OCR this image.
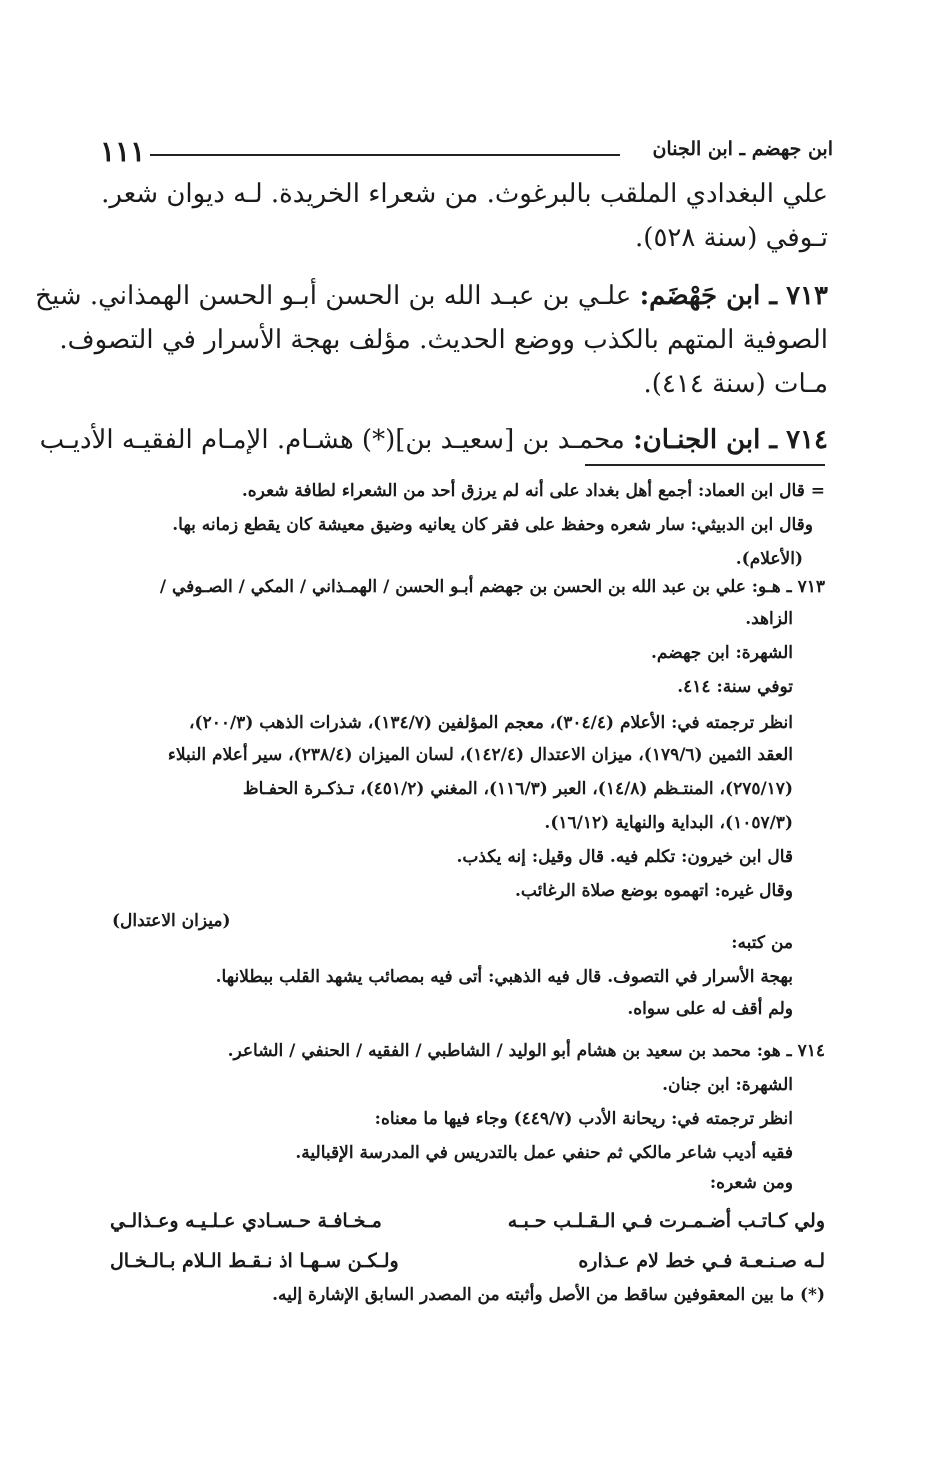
ابن جهضم ـ ابن الجنان
١١١
علي البغدادي الملقب بالبرغوث. من شعراء الخريدة. لـه ديوان شعر.
تـوفي (سنة ٥٢٨).
٧١٣ ـ ابن جَهْضَم: علـي بن عبـد الله بن الحسن أبـو الحسن الهمذاني. شيخ
الصوفية المتهم بالكذب ووضع الحديث. مؤلف بهجة الأسرار في التصوف.
مـات (سنة ٤١٤).
٧١٤ ـ ابن الجنـان: محمـد بن [سعيـد بن](*) هشـام. الإمـام الفقيـه الأديـب
= قال ابن العماد: أجمع أهل بغداد على أنه لم يرزق أحد من الشعراء لطافة شعره.
وقال ابن الدبيثي: سار شعره وحفظ على فقر كان يعانيه وضيق معيشة كان يقطع زمانه بها.
(الأعلام).
٧١٣ ـ هـو: علي بن عبد الله بن الحسن بن جهضم أبـو الحسن / الهمـذاني / المكي / الصـوفي /
الزاهد.
الشهرة: ابن جهضم.
توفي سنة: ٤١٤.
انظر ترجمته في: الأعلام (٣٠٤/٤)، معجم المؤلفين (١٣٤/٧)، شذرات الذهب (٢٠٠/٣)،
العقد الثمين (١٧٩/٦)، ميزان الاعتدال (١٤٢/٤)، لسان الميزان (٢٣٨/٤)، سير أعلام النبلاء
(٢٧٥/١٧)، المنتـظم (١٤/٨)، العبر (١١٦/٣)، المغني (٤٥١/٢)، تـذكـرة الحفـاظ
(١٠٥٧/٣)، البداية والنهاية (١٦/١٢).
قال ابن خيرون: تكلم فيه. قال وقيل: إنه يكذب.
وقال غيره: اتهموه بوضع صلاة الرغائب.
(ميزان الاعتدال)
من كتبه:
بهجة الأسرار في التصوف. قال فيه الذهبي: أتى فيه بمصائب يشهد القلب ببطلانها.
ولم أقف له على سواه.
٧١٤ ـ هو: محمد بن سعيد بن هشام أبو الوليد / الشاطبي / الفقيه / الحنفي / الشاعر.
الشهرة: ابن جنان.
انظر ترجمته في: ريحانة الأدب (٤٤٩/٧) وجاء فيها ما معناه:
فقيه أديب شاعر مالكي ثم حنفي عمل بالتدريس في المدرسة الإقبالية.
ومن شعره:
ولي كـاتـب أضـمـرت فـي الـقـلـب حـبـه
مـخـافـة حـسـادي عـلـيـه وعـذالـي
لـه صـنـعـة فـي خط لام عـذاره
ولـكـن سـهـا اذ نـقـط الـلام بـالـخـال
(*) ما بين المعقوفين ساقط من الأصل وأثبته من المصدر السابق الإشارة إليه.
